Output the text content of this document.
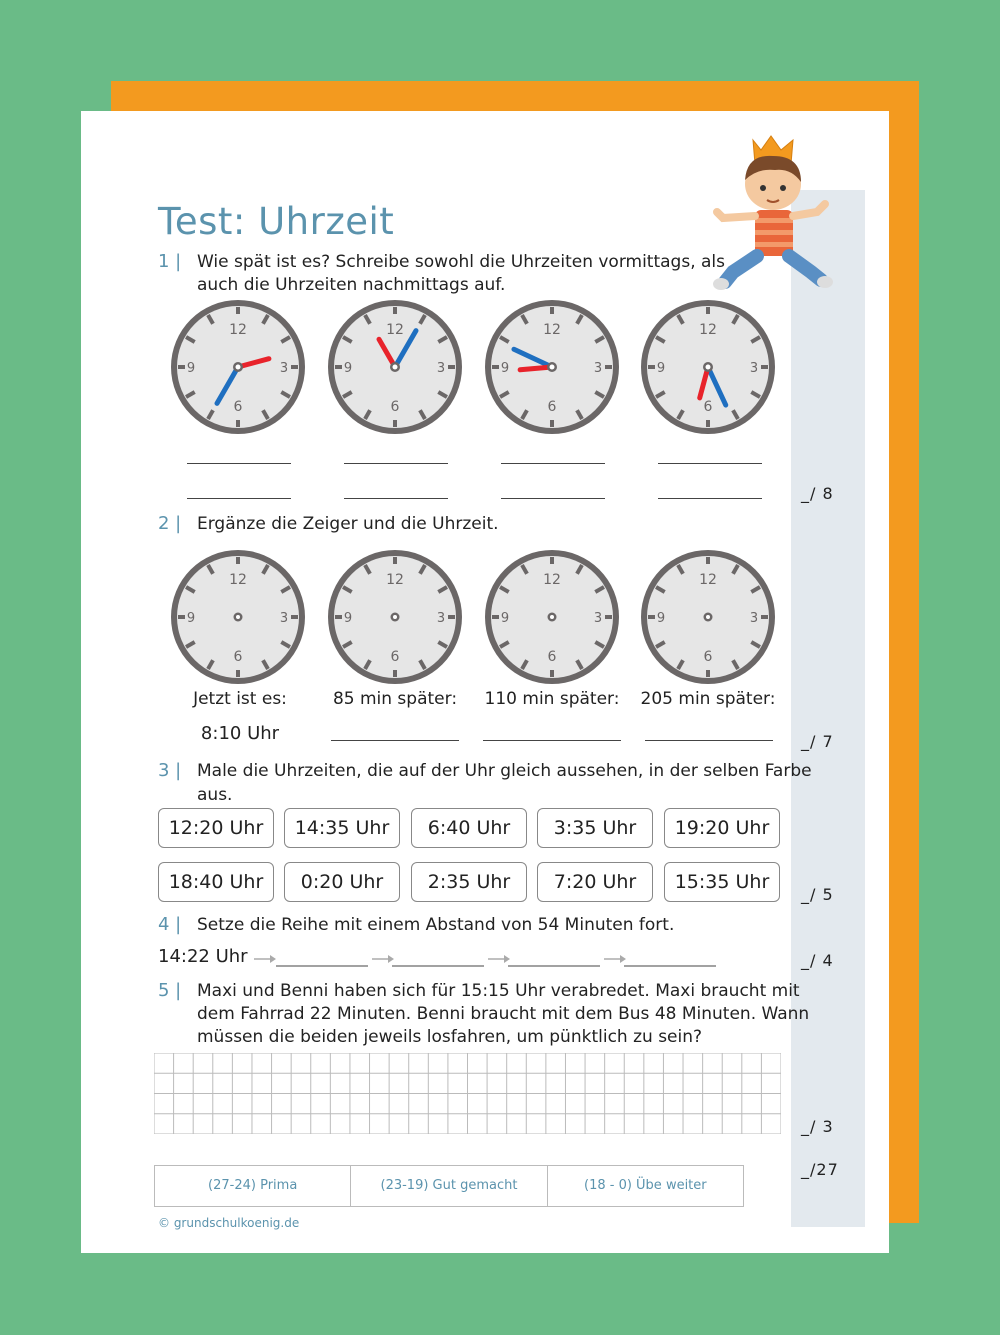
Test: Uhrzeit
1 | Wie spät ist es? Schreibe sowohl die Uhrzeiten vormittags, als
auch die Uhrzeiten nachmittags auf.
12
3
6
9
12
3
6
9
12
3
6
9
12
3
6
9
_/ 8
2 | Ergänze die Zeiger und die Uhrzeit.
12
3
6
9
12
3
6
9
12
3
6
9
12
3
6
9
Jetzt ist es:	85 min später:	110 min später: 205 min später:
8:10 Uhr	_/ 7
3 | Male die Uhrzeiten, die auf der Uhr gleich aussehen, in der selben Farbe
aus.
12:20 Uhr	14:35 Uhr	6:40 Uhr	3:35 Uhr	19:20 Uhr
18:40 Uhr	0:20 Uhr	2:35 Uhr	7:20 Uhr	15:35 Uhr
_/ 5
4 | Setze die Reihe mit einem Abstand von 54 Minuten fort.
14:22 Uhr	_/ 4
5 | Maxi und Benni haben sich für 15:15 Uhr verabredet. Maxi braucht mit
dem Fahrrad 22 Minuten. Benni braucht mit dem Bus 48 Minuten. Wann
müssen die beiden jeweils losfahren, um pünktlich zu sein?
_/ 3
_/27
(27-24) Prima	(23-19) Gut gemacht	(18 - 0) Übe weiter
© grundschulkoenig.de
